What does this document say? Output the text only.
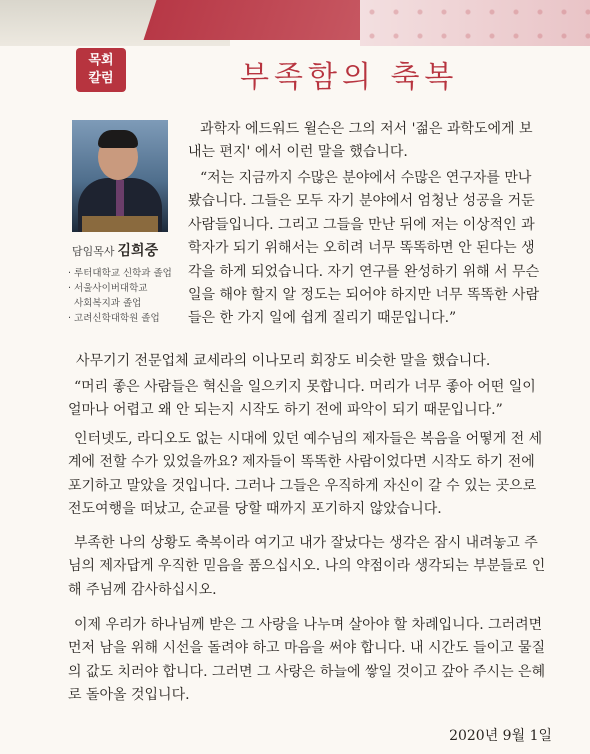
목회
칼럼	부족함의 축복
담임목사 김희중
· 루터대학교 신학과 졸업
· 서울사이버대학교
사회복지과 졸업
· 고려신학대학원 졸업
과학자 에드워드 윌슨은 그의 저서 '젊은 과학도에게 보
내는 편지' 에서 이런 말을 했습니다.
“저는 지금까지 수많은 분야에서 수많은 연구자를 만나
봤습니다. 그들은 모두 자기 분야에서 엄청난 성공을 거둔
사람들입니다. 그리고 그들을 만난 뒤에 저는 이상적인 과
학자가 되기 위해서는 오히려 너무 똑똑하면 안 된다는 생
각을 하게 되었습니다. 자기 연구를 완성하기 위해 서 무슨
일을 해야 할지 알 정도는 되어야 하지만 너무 똑똑한 사람
들은 한 가지 일에 쉽게 질리기 때문입니다.”
사무기기 전문업체 쿄세라의 이나모리 회장도 비슷한 말을 했습니다.
“머리 좋은 사람들은 혁신을 일으키지 못합니다. 머리가 너무 좋아 어떤 일이
얼마나 어렵고 왜 안 되는지 시작도 하기 전에 파악이 되기 때문입니다.”
인터넷도, 라디오도 없는 시대에 있던 예수님의 제자들은 복음을 어떻게 전 세
계에 전할 수가 있었을까요? 제자들이 똑똑한 사람이었다면 시작도 하기 전에
포기하고 말았을 것입니다. 그러나 그들은 우직하게 자신이 갈 수 있는 곳으로
전도여행을 떠났고, 순교를 당할 때까지 포기하지 않았습니다.
부족한 나의 상황도 축복이라 여기고 내가 잘났다는 생각은 잠시 내려놓고 주
님의 제자답게 우직한 믿음을 품으십시오. 나의 약점이라 생각되는 부분들로 인
해 주님께 감사하십시오.
이제 우리가 하나님께 받은 그 사랑을 나누며 살아야 할 차례입니다. 그러려면
먼저 남을 위해 시선을 돌려야 하고 마음을 써야 합니다. 내 시간도 들이고 물질
의 값도 치러야 합니다. 그러면 그 사랑은 하늘에 쌓일 것이고 갚아 주시는 은혜
로 돌아올 것입니다.
2020년 9월 1일
